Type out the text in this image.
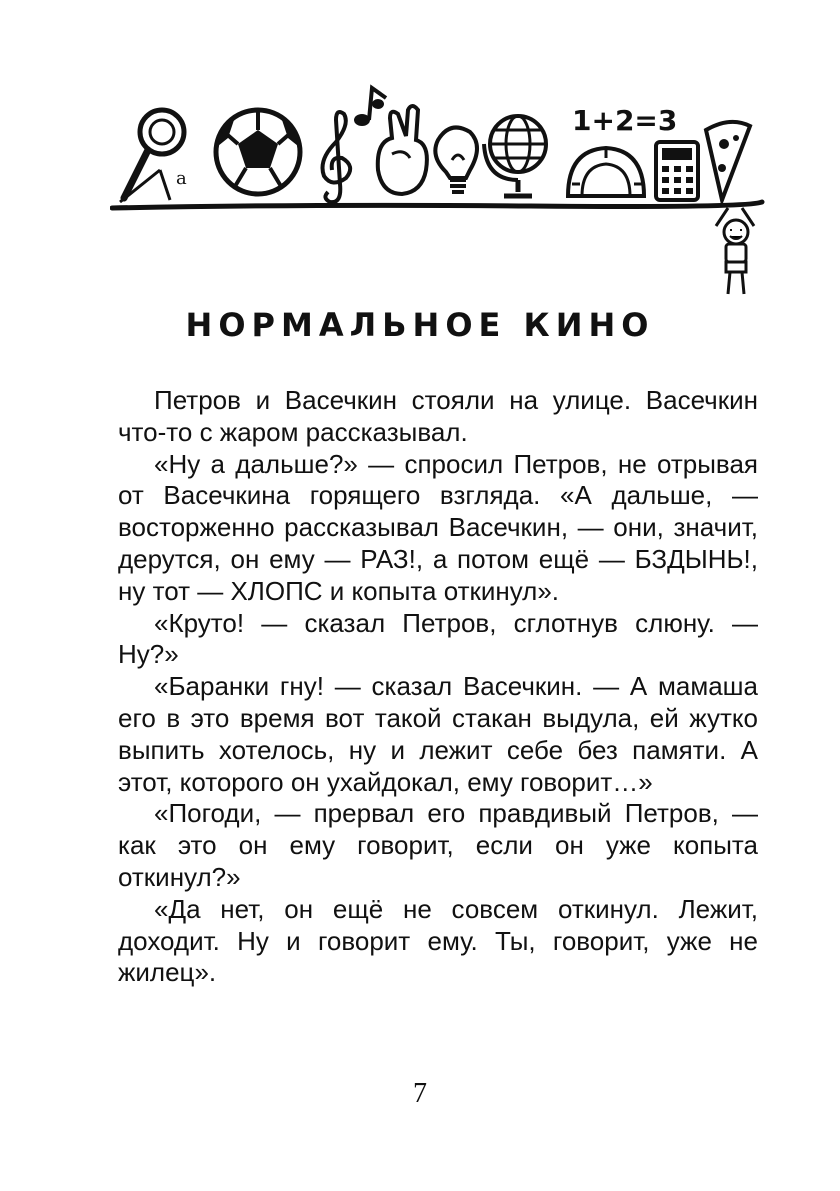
а
1+2=3
НОРМАЛЬНОЕ КИНО

Петров и Васечкин стояли на улице. Васечкин что-то с жаром рассказывал.

«Ну а дальше?» — спросил Петров, не отрывая от Васечкина горящего взгляда. «А дальше, — восторженно рассказывал Васечкин, — они, значит, дерутся, он ему — РАЗ!, а потом ещё — БЗДЫНЬ!, ну тот — ХЛОПС и копыта откинул».

«Круто! — сказал Петров, сглотнув слюну. — Ну?»

«Баранки гну! — сказал Васечкин. — А мамаша его в это время вот такой стакан выдула, ей жутко выпить хотелось, ну и лежит себе без памяти. А этот, которого он ухайдокал, ему говорит…»

«Погоди, — прервал его правдивый Петров, — как это он ему говорит, если он уже копыта откинул?»

«Да нет, он ещё не совсем откинул. Лежит, доходит. Ну и говорит ему. Ты, говорит, уже не жилец».

7
